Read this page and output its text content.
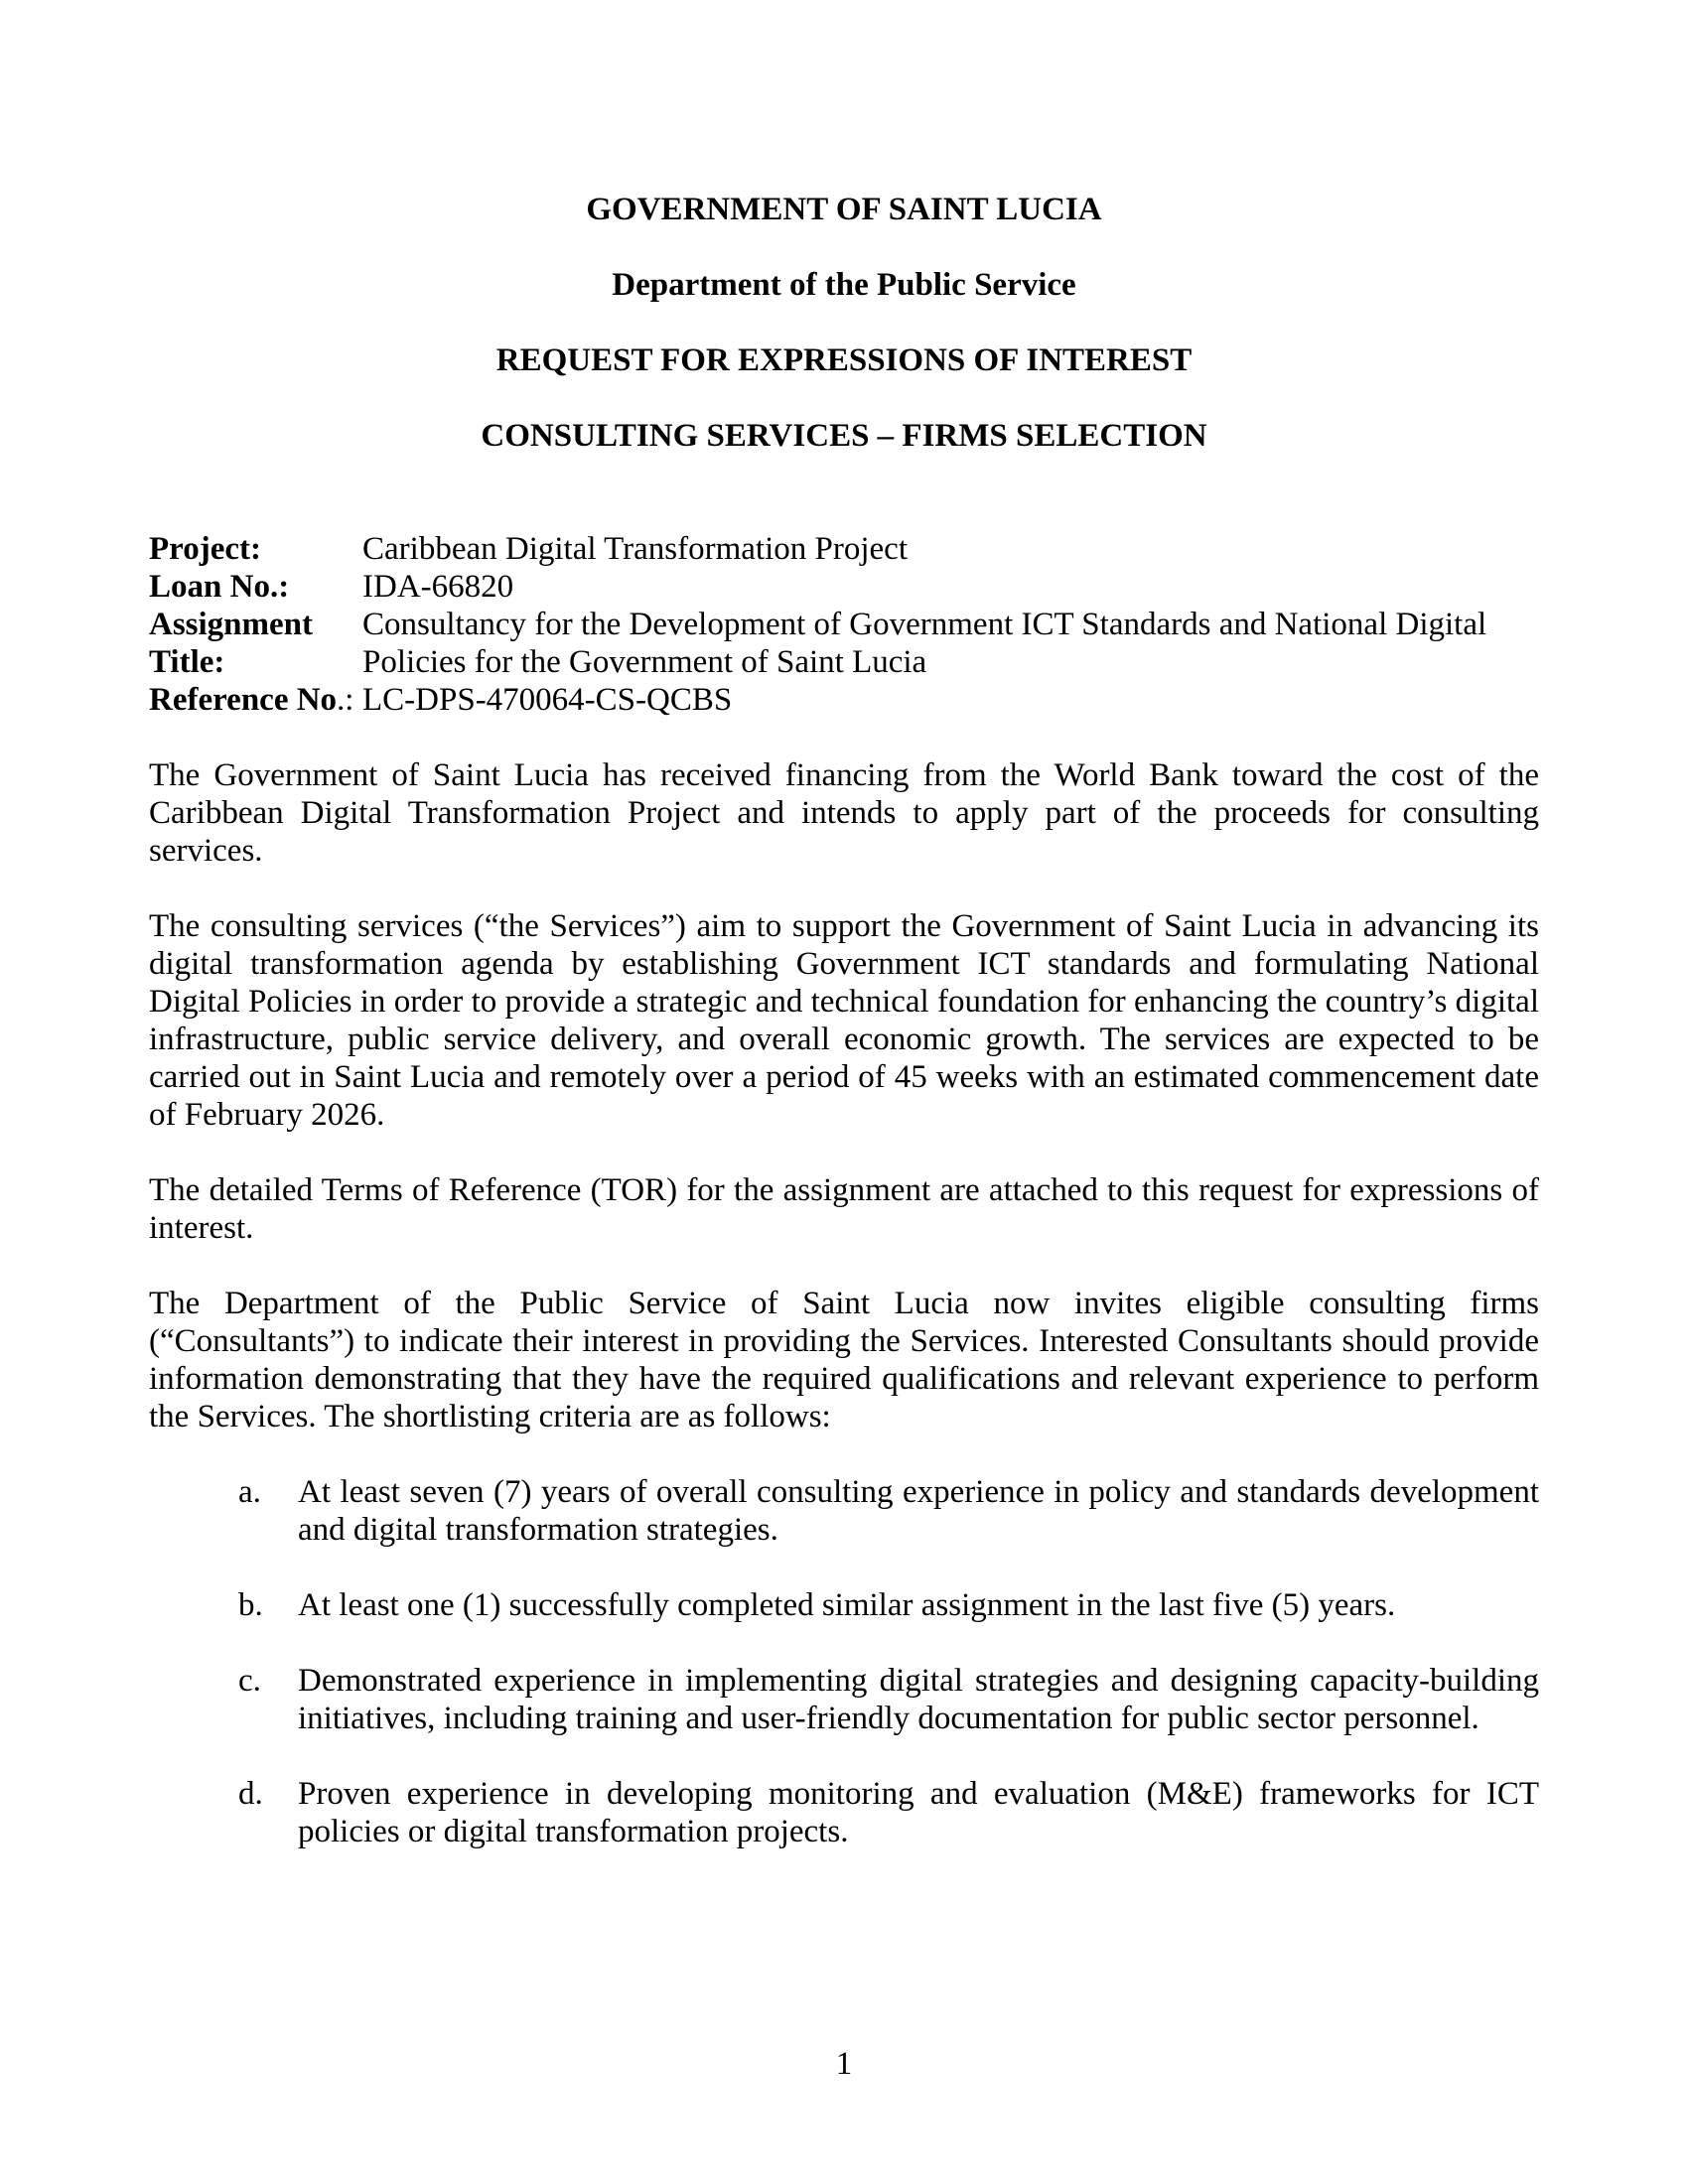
GOVERNMENT OF SAINT LUCIA

Department of the Public Service

REQUEST FOR EXPRESSIONS OF INTEREST

CONSULTING SERVICES – FIRMS SELECTION

Project:	Caribbean Digital Transformation Project
Loan No.:	IDA-66820
Assignment Title:
Consultancy for the Development of Government ICT Standards and National Digital Policies for the Government of Saint Lucia
Reference No.: LC-DPS-470064-CS-QCBS

The Government of Saint Lucia has received financing from the World Bank toward the cost of the Caribbean Digital Transformation Project and intends to apply part of the proceeds for consulting services.

The consulting services (“the Services”) aim to support the Government of Saint Lucia in advancing its digital transformation agenda by establishing Government ICT standards and formulating National Digital Policies in order to provide a strategic and technical foundation for enhancing the country’s digital infrastructure, public service delivery, and overall economic growth. The services are expected to be carried out in Saint Lucia and remotely over a period of 45 weeks with an estimated commencement date of February 2026.

The detailed Terms of Reference (TOR) for the assignment are attached to this request for expressions of interest.

The Department of the Public Service of Saint Lucia now invites eligible consulting firms (“Consultants”) to indicate their interest in providing the Services. Interested Consultants should provide information demonstrating that they have the required qualifications and relevant experience to perform the Services. The shortlisting criteria are as follows:

a.	At least seven (7) years of overall consulting experience in policy and standards development and digital transformation strategies.
b.	At least one (1) successfully completed similar assignment in the last five (5) years.
c.	Demonstrated experience in implementing digital strategies and designing capacity-building initiatives, including training and user-friendly documentation for public sector personnel.
d.	Proven experience in developing monitoring and evaluation (M&E) frameworks for ICT policies or digital transformation projects.
1
